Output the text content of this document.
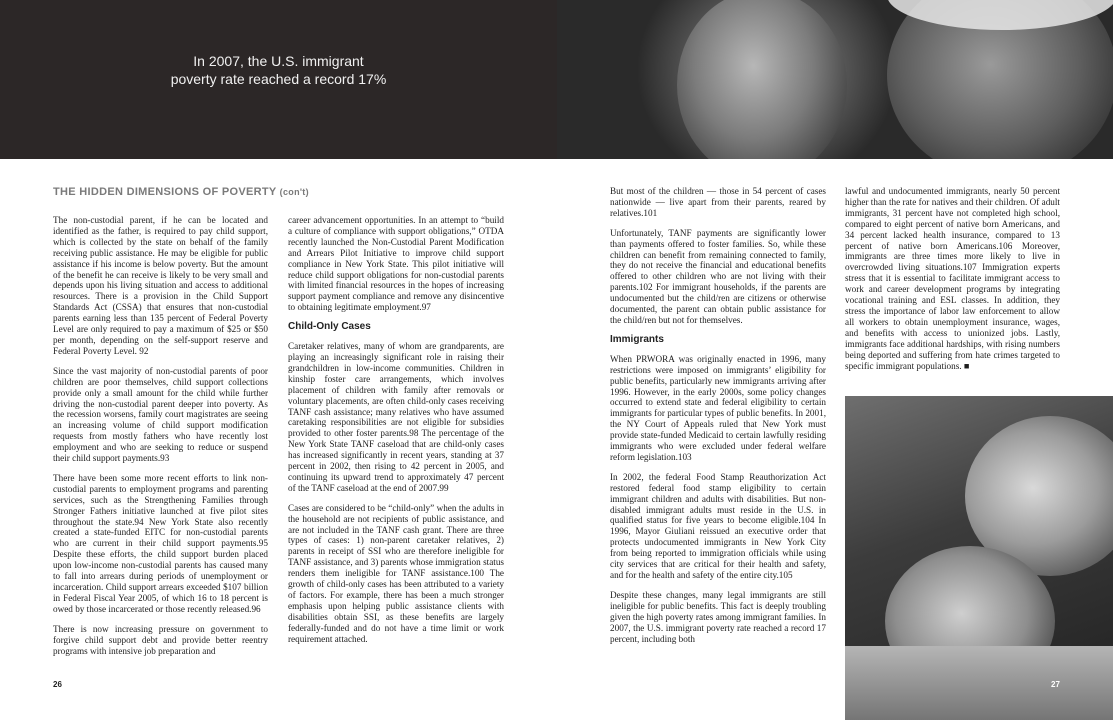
In 2007, the U.S. immigrant
poverty rate reached a record 17%
THE HIDDEN DIMENSIONS OF POVERTY (con't)

The non-custodial parent, if he can be located and identified as the father, is required to pay child support, which is collected by the state on behalf of the family receiving public assistance. He may be eligible for public assistance if his income is below poverty. But the amount of the benefit he can receive is likely to be very small and depends upon his living situation and access to additional resources. There is a provision in the Child Support Standards Act (CSSA) that ensures that non-custodial parents earning less than 135 percent of Federal Poverty Level are only required to pay a maximum of $25 or $50 per month, depending on the self-support reserve and Federal Poverty Level. 92

Since the vast majority of non-custodial parents of poor children are poor themselves, child support collections provide only a small amount for the child while further driving the non-custodial parent deeper into poverty. As the recession worsens, family court magistrates are seeing an increasing volume of child support modification requests from mostly fathers who have recently lost employment and who are seeking to reduce or suspend their child support payments.93

There have been some more recent efforts to link non-custodial parents to employment programs and parenting services, such as the Strengthening Families through Stronger Fathers initiative launched at five pilot sites throughout the state.94 New York State also recently created a state-funded EITC for non-custodial parents who are current in their child support payments.95 Despite these efforts, the child support burden placed upon low-income non-custodial parents has caused many to fall into arrears during periods of unemployment or incarceration. Child support arrears exceeded $107 billion in Federal Fiscal Year 2005, of which 16 to 18 percent is owed by those incarcerated or those recently released.96

There is now increasing pressure on government to forgive child support debt and provide better reentry programs with intensive job preparation and

career advancement opportunities. In an attempt to “build a culture of compliance with support obligations,” OTDA recently launched the Non-Custodial Parent Modification and Arrears Pilot Initiative to improve child support compliance in New York State. This pilot initiative will reduce child support obligations for non-custodial parents with limited financial resources in the hopes of increasing support payment compliance and remove any disincentive to obtaining legitimate employment.97

Child-Only Cases

Caretaker relatives, many of whom are grandparents, are playing an increasingly significant role in raising their grandchildren in low-income communities. Children in kinship foster care arrangements, which involves placement of children with family after removals or voluntary placements, are often child-only cases receiving TANF cash assistance; many relatives who have assumed caretaking responsibilities are not eligible for subsidies provided to other foster parents.98 The percentage of the New York State TANF caseload that are child-only cases has increased significantly in recent years, standing at 37 percent in 2002, then rising to 42 percent in 2005, and continuing its upward trend to approximately 47 percent of the TANF caseload at the end of 2007.99

Cases are considered to be “child-only” when the adults in the household are not recipients of public assistance, and are not included in the TANF cash grant. There are three types of cases: 1) non-parent caretaker relatives, 2) parents in receipt of SSI who are therefore ineligible for TANF assistance, and 3) parents whose immigration status renders them ineligible for TANF assistance.100 The growth of child-only cases has been attributed to a variety of factors. For example, there has been a much stronger emphasis upon helping public assistance clients with disabilities obtain SSI, as these benefits are largely federally-funded and do not have a time limit or work requirement attached.

But most of the children — those in 54 percent of cases nationwide — live apart from their parents, reared by relatives.101

Unfortunately, TANF payments are significantly lower than payments offered to foster families. So, while these children can benefit from remaining connected to family, they do not receive the financial and educational benefits offered to other children who are not living with their parents.102 For immigrant households, if the parents are undocumented but the child/ren are citizens or otherwise documented, the parent can obtain public assistance for the child/ren but not for themselves.

Immigrants

When PRWORA was originally enacted in 1996, many restrictions were imposed on immigrants’ eligibility for public benefits, particularly new immigrants arriving after 1996. However, in the early 2000s, some policy changes occurred to extend state and federal eligibility to certain immigrants for particular types of public benefits. In 2001, the NY Court of Appeals ruled that New York must provide state-funded Medicaid to certain lawfully residing immigrants who were excluded under federal welfare reform legislation.103

In 2002, the federal Food Stamp Reauthorization Act restored federal food stamp eligibility to certain immigrant children and adults with disabilities. But non-disabled immigrant adults must reside in the U.S. in qualified status for five years to become eligible.104 In 1996, Mayor Giuliani reissued an executive order that protects undocumented immigrants in New York City from being reported to immigration officials while using city services that are critical for their health and safety, and for the health and safety of the entire city.105

Despite these changes, many legal immigrants are still ineligible for public benefits. This fact is deeply troubling given the high poverty rates among immigrant families. In 2007, the U.S. immigrant poverty rate reached a record 17 percent, including both

lawful and undocumented immigrants, nearly 50 percent higher than the rate for natives and their children. Of adult immigrants, 31 percent have not completed high school, compared to eight percent of native born Americans, and 34 percent lacked health insurance, compared to 13 percent of native born Americans.106 Moreover, immigrants are three times more likely to live in overcrowded living situations.107 Immigration experts stress that it is essential to facilitate immigrant access to work and career development programs by integrating vocational training and ESL classes. In addition, they stress the importance of labor law enforcement to allow all workers to obtain unemployment insurance, wages, and benefits with access to unionized jobs. Lastly, immigrants face additional hardships, with rising numbers being deported and suffering from hate crimes targeted to specific immigrant populations. ■

26	27
